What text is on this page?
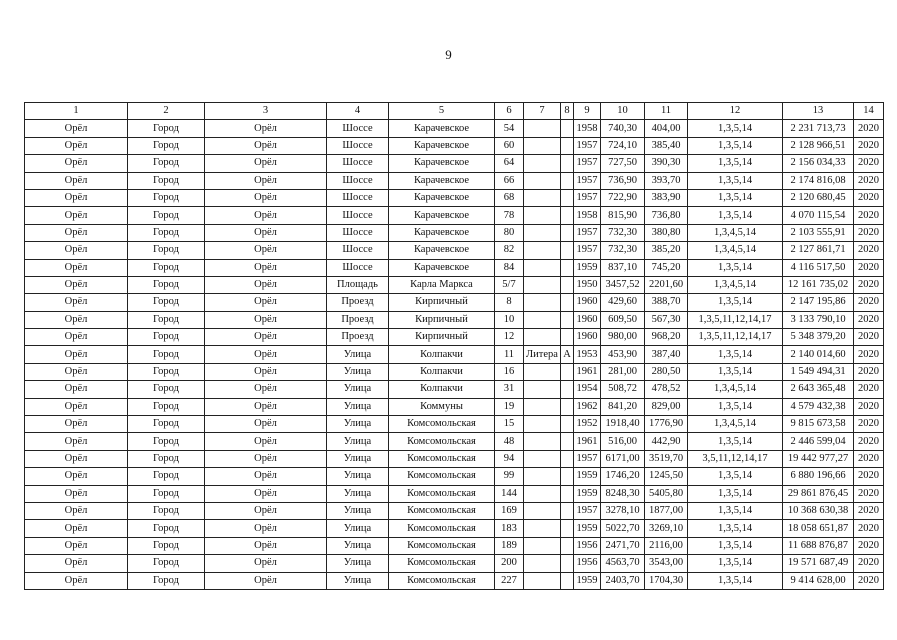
9
1	2	3	4	5	6	7	8	9	10	11	12	13	14
Орёл	Город	Орёл	Шоссе	Карачевское	54			1958	740,30	404,00	1,3,5,14	2 231 713,73	2020
Орёл	Город	Орёл	Шоссе	Карачевское	60			1957	724,10	385,40	1,3,5,14	2 128 966,51	2020
Орёл	Город	Орёл	Шоссе	Карачевское	64			1957	727,50	390,30	1,3,5,14	2 156 034,33	2020
Орёл	Город	Орёл	Шоссе	Карачевское	66			1957	736,90	393,70	1,3,5,14	2 174 816,08	2020
Орёл	Город	Орёл	Шоссе	Карачевское	68			1957	722,90	383,90	1,3,5,14	2 120 680,45	2020
Орёл	Город	Орёл	Шоссе	Карачевское	78			1958	815,90	736,80	1,3,5,14	4 070 115,54	2020
Орёл	Город	Орёл	Шоссе	Карачевское	80			1957	732,30	380,80	1,3,4,5,14	2 103 555,91	2020
Орёл	Город	Орёл	Шоссе	Карачевское	82			1957	732,30	385,20	1,3,4,5,14	2 127 861,71	2020
Орёл	Город	Орёл	Шоссе	Карачевское	84			1959	837,10	745,20	1,3,5,14	4 116 517,50	2020
Орёл	Город	Орёл	Площадь	Карла Маркса	5/7			1950	3457,52	2201,60	1,3,4,5,14	12 161 735,02	2020
Орёл	Город	Орёл	Проезд	Кирпичный	8			1960	429,60	388,70	1,3,5,14	2 147 195,86	2020
Орёл	Город	Орёл	Проезд	Кирпичный	10			1960	609,50	567,30	1,3,5,11,12,14,17	3 133 790,10	2020
Орёл	Город	Орёл	Проезд	Кирпичный	12			1960	980,00	968,20	1,3,5,11,12,14,17	5 348 379,20	2020
Орёл	Город	Орёл	Улица	Колпакчи	11	Литера	А	1953	453,90	387,40	1,3,5,14	2 140 014,60	2020
Орёл	Город	Орёл	Улица	Колпакчи	16			1961	281,00	280,50	1,3,5,14	1 549 494,31	2020
Орёл	Город	Орёл	Улица	Колпакчи	31			1954	508,72	478,52	1,3,4,5,14	2 643 365,48	2020
Орёл	Город	Орёл	Улица	Коммуны	19			1962	841,20	829,00	1,3,5,14	4 579 432,38	2020
Орёл	Город	Орёл	Улица	Комсомольская	15			1952	1918,40	1776,90	1,3,4,5,14	9 815 673,58	2020
Орёл	Город	Орёл	Улица	Комсомольская	48			1961	516,00	442,90	1,3,5,14	2 446 599,04	2020
Орёл	Город	Орёл	Улица	Комсомольская	94			1957	6171,00	3519,70	3,5,11,12,14,17	19 442 977,27	2020
Орёл	Город	Орёл	Улица	Комсомольская	99			1959	1746,20	1245,50	1,3,5,14	6 880 196,66	2020
Орёл	Город	Орёл	Улица	Комсомольская	144			1959	8248,30	5405,80	1,3,5,14	29 861 876,45	2020
Орёл	Город	Орёл	Улица	Комсомольская	169			1957	3278,10	1877,00	1,3,5,14	10 368 630,38	2020
Орёл	Город	Орёл	Улица	Комсомольская	183			1959	5022,70	3269,10	1,3,5,14	18 058 651,87	2020
Орёл	Город	Орёл	Улица	Комсомольская	189			1956	2471,70	2116,00	1,3,5,14	11 688 876,87	2020
Орёл	Город	Орёл	Улица	Комсомольская	200			1956	4563,70	3543,00	1,3,5,14	19 571 687,49	2020
Орёл	Город	Орёл	Улица	Комсомольская	227			1959	2403,70	1704,30	1,3,5,14	9 414 628,00	2020
